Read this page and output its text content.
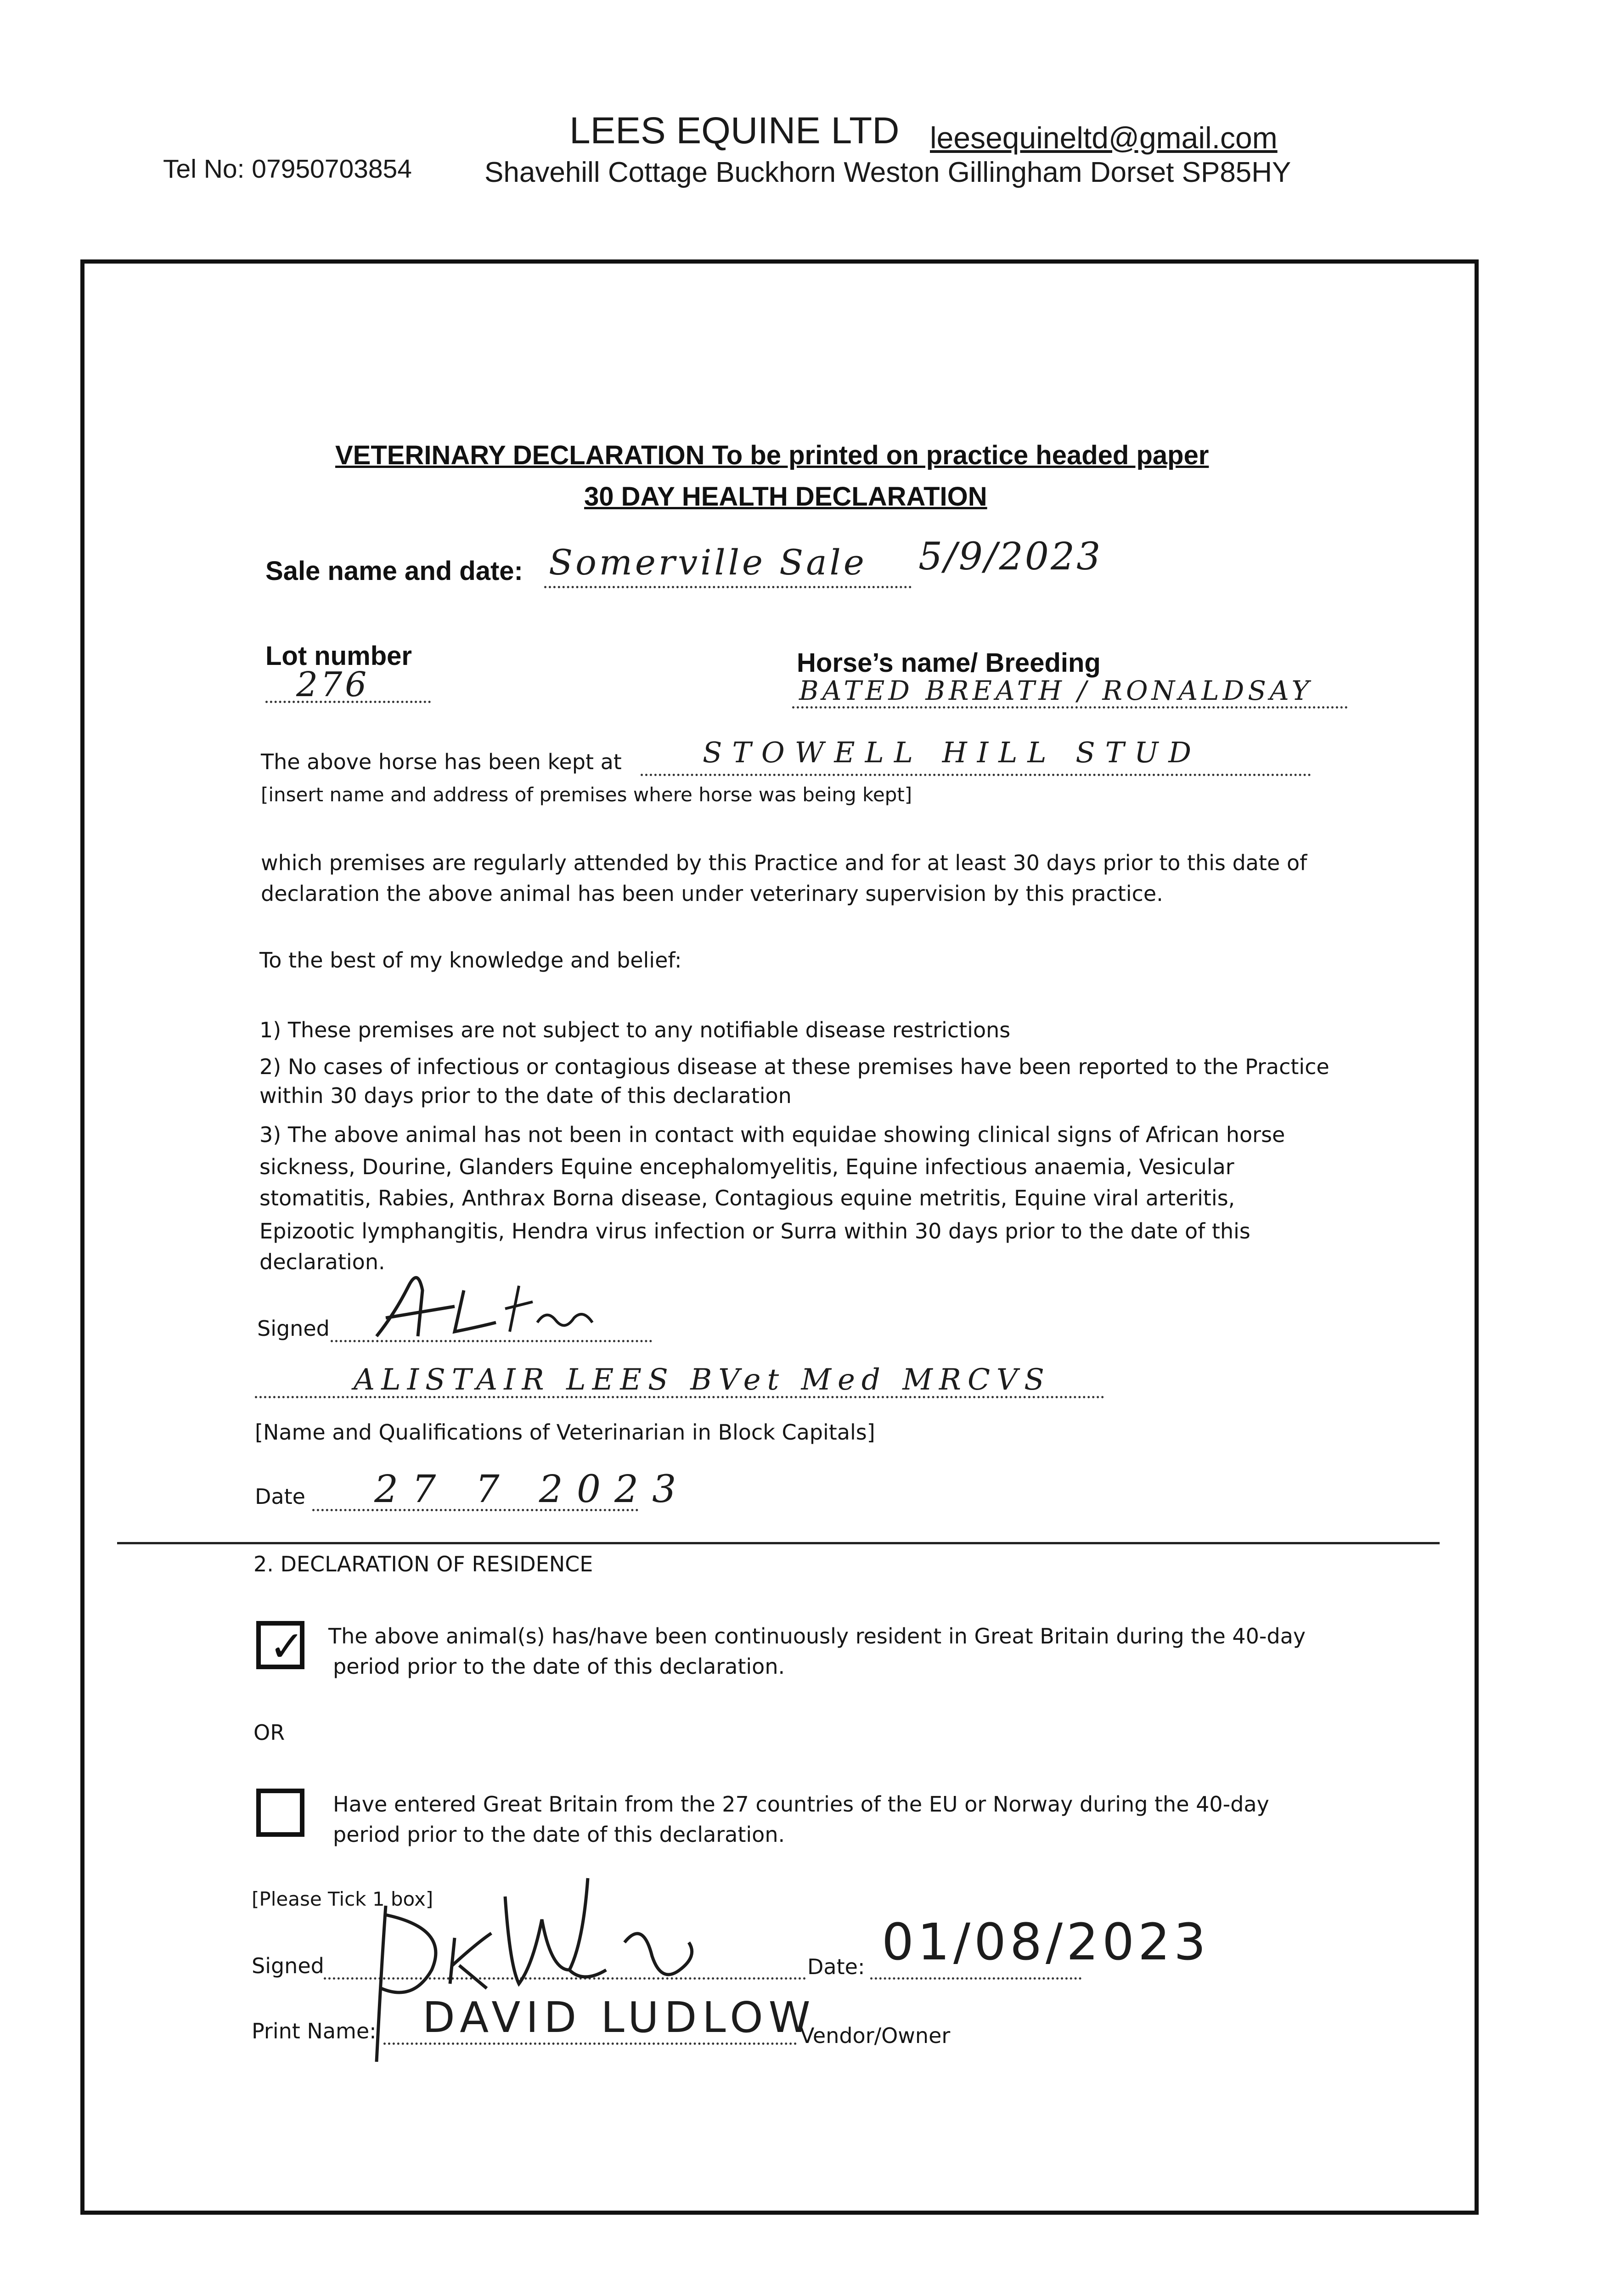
LEES EQUINE LTD leesequineltd@gmail.com
Tel No: 07950703854	Shavehill Cottage Buckhorn Weston Gillingham Dorset SP85HY
VETERINARY DECLARATION To be printed on practice headed paper
30 DAY HEALTH DECLARATION
Sale name and date: Somerville Sale 5/9/2023
Lot number
276
Horse’s name/ Breeding
BATED BREATH / RONALDSAY
The above horse has been kept at	STOWELL HILL STUD
[insert name and address of premises where horse was being kept]
which premises are regularly attended by this Practice and for at least 30 days prior to this date of
declaration the above animal has been under veterinary supervision by this practice.
To the best of my knowledge and belief:
1) These premises are not subject to any notifiable disease restrictions
2) No cases of infectious or contagious disease at these premises have been reported to the Practice
within 30 days prior to the date of this declaration
3) The above animal has not been in contact with equidae showing clinical signs of African horse
sickness, Dourine, Glanders Equine encephalomyelitis, Equine infectious anaemia, Vesicular
stomatitis, Rabies, Anthrax Borna disease, Contagious equine metritis, Equine viral arteritis,
Epizootic lymphangitis, Hendra virus infection or Surra within 30 days prior to the date of this
declaration.
Signed
ALISTAIR LEES BVet Med MRCVS
[Name and Qualifications of Veterinarian in Block Capitals]
Date 27 7 2023
2. DECLARATION OF RESIDENCE
✓ The above animal(s) has/have been continuously resident in Great Britain during the 40-day
period prior to the date of this declaration.
OR
Have entered Great Britain from the 27 countries of the EU or Norway during the 40-day
period prior to the date of this declaration.
[Please Tick 1 box]
Signed	Date: 01/08/2023
Print Name: DAVID LUDLOW
Vendor/Owner
